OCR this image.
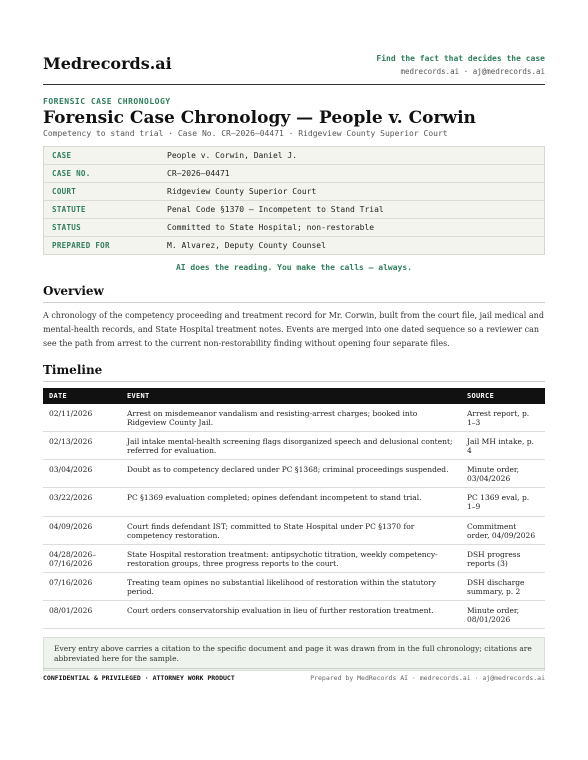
Medrecords.ai	Find the fact that decides the case
medrecords.ai · aj@medrecords.ai
FORENSIC CASE CHRONOLOGY
Forensic Case Chronology — People v. Corwin
Competency to stand trial · Case No. CR–2026–04471 · Ridgeview County Superior Court
CASE	People v. Corwin, Daniel J.
CASE NO.	CR–2026–04471
COURT	Ridgeview County Superior Court
STATUTE	Penal Code §1370 — Incompetent to Stand Trial
STATUS	Committed to State Hospital; non-restorable
PREPARED FOR	M. Alvarez, Deputy County Counsel
AI does the reading. You make the calls — always.
Overview
A chronology of the competency proceeding and treatment record for Mr. Corwin, built from the court file, jail medical and mental-health records, and State Hospital treatment notes. Events are merged into one dated sequence so a reviewer can see the path from arrest to the current non-restorability finding without opening four separate files.
Timeline
DATE	EVENT	SOURCE
02/11/2026	Arrest on misdemeanor vandalism and resisting-arrest charges; booked into Ridgeview County Jail.	Arrest report, p. 1–3
02/13/2026	Jail intake mental-health screening flags disorganized speech and delusional content; referred for evaluation.	Jail MH intake, p. 4
03/04/2026	Doubt as to competency declared under PC §1368; criminal proceedings suspended.	Minute order, 03/04/2026
03/22/2026	PC §1369 evaluation completed; opines defendant incompetent to stand trial.	PC 1369 eval, p. 1–9
04/09/2026	Court finds defendant IST; committed to State Hospital under PC §1370 for competency restoration.	Commitment order, 04/09/2026
04/28/2026–07/16/2026	State Hospital restoration treatment: antipsychotic titration, weekly competency-restoration groups, three progress reports to the court.	DSH progress reports (3)
07/16/2026	Treating team opines no substantial likelihood of restoration within the statutory period.	DSH discharge summary, p. 2
08/01/2026	Court orders conservatorship evaluation in lieu of further restoration treatment.	Minute order, 08/01/2026
Every entry above carries a citation to the specific document and page it was drawn from in the full chronology; citations are abbreviated here for the sample.
CONFIDENTIAL & PRIVILEGED · ATTORNEY WORK PRODUCT	Prepared by MedRecords AI · medrecords.ai · aj@medrecords.ai
